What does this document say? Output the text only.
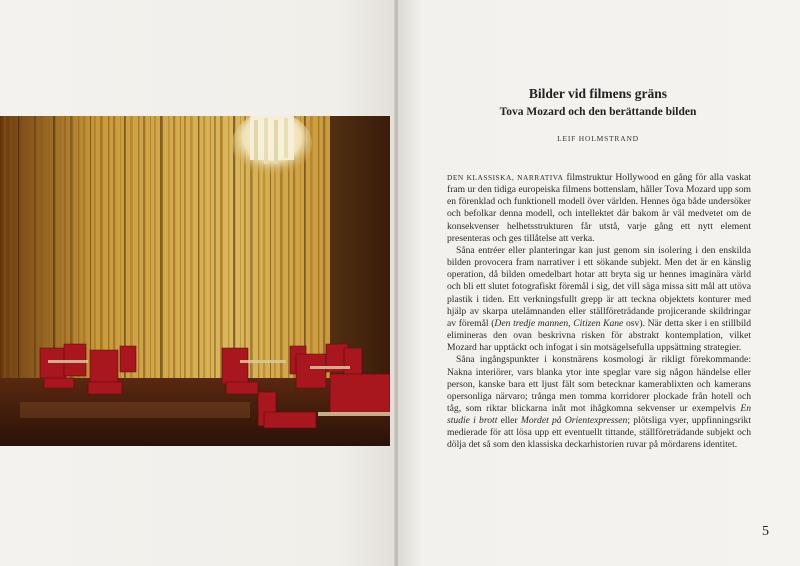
Bilder vid filmens gräns
Tova Mozard och den berättande bilden
LEIF HOLMSTRAND

DEN KLASSISKA, NARRATIVA filmstruktur Hollywood en gång för alla vaskat fram ur den tidiga europeiska filmens bottenslam, håller Tova Mozard upp som en förenklad och funktionell modell över världen. Hennes öga både undersöker och befolkar denna modell, och intellektet där bakom är väl medvetet om de konsekvenser helhetsstrukturen får utstå, varje gång ett nytt element presenteras och ges tillåtelse att verka.

Såna entréer eller planteringar kan just genom sin isolering i den enskilda bilden provocera fram narrativer i ett sökande subjekt. Men det är en känslig operation, då bilden omedelbart hotar att bryta sig ur hennes imaginära värld och bli ett slutet fotografiskt föremål i sig, det vill säga missa sitt mål att utöva plastik i tiden. Ett verkningsfullt grepp är att teckna objektets konturer med hjälp av skarpa utelämnanden eller ställföreträdande projicerande skildringar av föremål (Den tredje mannen, Citizen Kane osv). När detta sker i en stillbild elimineras den ovan beskrivna risken för abstrakt kontemplation, vilket Mozard har upptäckt och infogat i sin motsägelsefulla uppsättning strategier.

Såna ingångspunkter i konstnärens kosmologi är rikligt förekommande: Nakna interiörer, vars blanka ytor inte speglar vare sig någon händelse eller person, kanske bara ett ljust fält som betecknar kamerablixten och kamerans opersonliga närvaro; trånga men tomma korridorer plockade från hotell och tåg, som riktar blickarna inåt mot ihågkomna sekvenser ur exempelvis En studie i brott eller Mordet på Orientexpressen; plötsliga vyer, uppfinningsrikt medierade för att lösa upp ett eventuellt tittande, ställföreträdande subjekt och dölja det så som den klassiska deckarhistorien ruvar på mördarens identitet.

5
